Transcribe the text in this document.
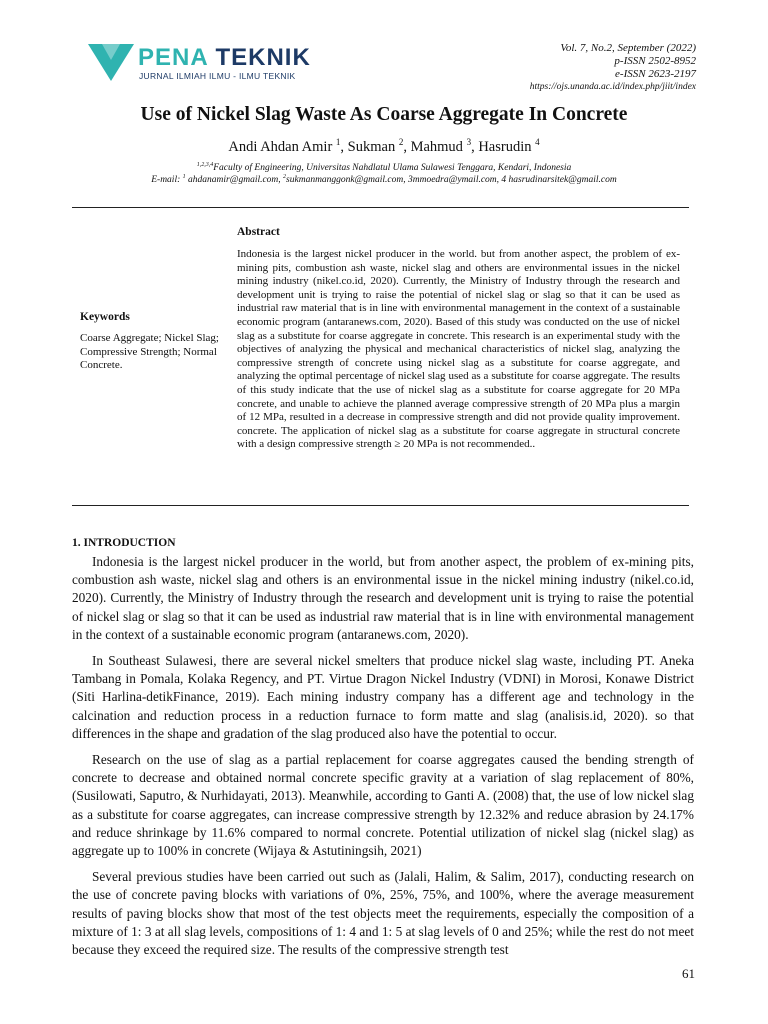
PENA TEKNIK
JURNAL ILMIAH ILMU - ILMU TEKNIK
Vol. 7, No.2, September (2022)
p-ISSN 2502-8952
e-ISSN 2623-2197
https://ojs.unanda.ac.id/index.php/jiit/index
Use of Nickel Slag Waste As Coarse Aggregate In Concrete
Andi Ahdan Amir $^1$, Sukman $^2$, Mahmud $^3$, Hasrudin $^4$
$^{1,2,3,4}$Faculty of Engineering, Universitas Nahdlatul Ulama Sulawesi Tenggara, Kendari, Indonesia
E-mail: $^1$ ahdanamir@gmail.com, $^2$sukmanmanggonk@gmail.com, 3mmoedra@ymail.com, 4 hasrudinarsitek@gmail.com
Abstract
Indonesia is the largest nickel producer in the world. but from another aspect, the problem of ex-mining pits, combustion ash waste, nickel slag and others are environmental issues in the nickel mining industry (nikel.co.id, 2020). Currently, the Ministry of Industry through the research and development unit is trying to raise the potential of nickel slag or slag so that it can be used as industrial raw material that is in line with environmental management in the context of a sustainable economic program (antaranews.com, 2020). Based of this study was conducted on the use of nickel slag as a substitute for coarse aggregate in concrete. This research is an experimental study with the objectives of analyzing the physical and mechanical characteristics of nickel slag, analyzing the compressive strength of concrete using nickel slag as a substitute for coarse aggregate, and analyzing the optimal percentage of nickel slag used as a substitute for coarse aggregate. The results of this study indicate that the use of nickel slag as a substitute for coarse aggregate for 20 MPa concrete, and unable to achieve the planned average compressive strength of 20 MPa plus a margin of 12 MPa, resulted in a decrease in compressive strength and did not provide quality improvement. concrete. The application of nickel slag as a substitute for coarse aggregate in structural concrete with a design compressive strength ≥ 20 MPa is not recommended..
Keywords
Coarse Aggregate; Nickel Slag; Compressive Strength; Normal Concrete.
1. INTRODUCTION

Indonesia is the largest nickel producer in the world, but from another aspect, the problem of ex-mining pits, combustion ash waste, nickel slag and others is an environmental issue in the nickel mining industry (nikel.co.id, 2020). Currently, the Ministry of Industry through the research and development unit is trying to raise the potential of nickel slag or slag so that it can be used as industrial raw material that is in line with environmental management in the context of a sustainable economic program (antaranews.com, 2020).

In Southeast Sulawesi, there are several nickel smelters that produce nickel slag waste, including PT. Aneka Tambang in Pomala, Kolaka Regency, and PT. Virtue Dragon Nickel Industry (VDNI) in Morosi, Konawe District (Siti Harlina-detikFinance, 2019). Each mining industry company has a different age and technology in the calcination and reduction process in a reduction furnace to form matte and slag (analisis.id, 2020). so that differences in the shape and gradation of the slag produced also have the potential to occur.

Research on the use of slag as a partial replacement for coarse aggregates caused the bending strength of concrete to decrease and obtained normal concrete specific gravity at a variation of slag replacement of 80%, (Susilowati, Saputro, & Nurhidayati, 2013). Meanwhile, according to Ganti A. (2008) that, the use of low nickel slag as a substitute for coarse aggregates, can increase compressive strength by 12.32% and reduce abrasion by 24.17% and reduce shrinkage by 11.6% compared to normal concrete. Potential utilization of nickel slag (nickel slag) as aggregate up to 100% in concrete (Wijaya & Astutiningsih, 2021)

Several previous studies have been carried out such as (Jalali, Halim, & Salim, 2017), conducting research on the use of concrete paving blocks with variations of 0%, 25%, 75%, and 100%, where the average measurement results of paving blocks show that most of the test objects meet the requirements, especially the composition of a mixture of 1: 3 at all slag levels, compositions of 1: 4 and 1: 5 at slag levels of 0 and 25%; while the rest do not meet because they exceed the required size. The results of the compressive strength test

61
